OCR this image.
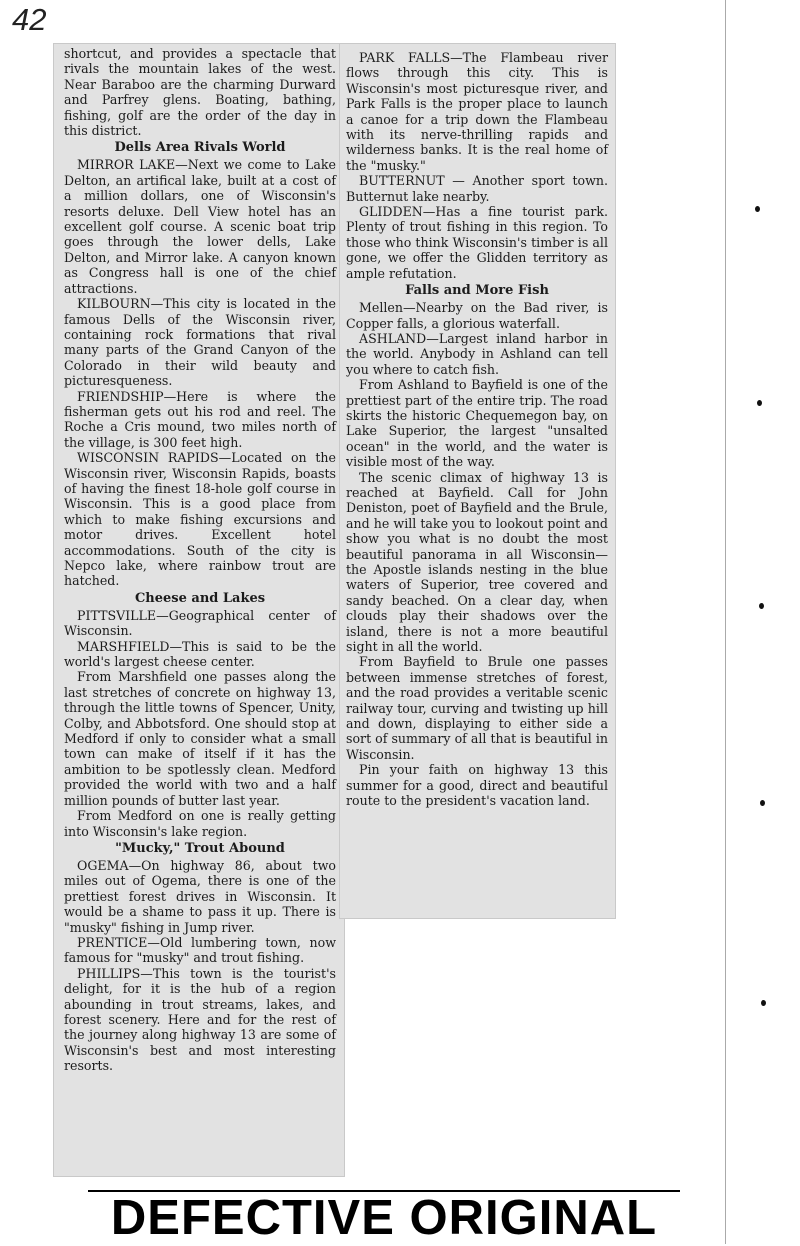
42

shortcut, and provides a spectacle that rivals the mountain lakes of the west. Near Baraboo are the charming Durward and Parfrey glens. Boating, bathing, fishing, golf are the order of the day in this district.

Dells Area Rivals World

MIRROR LAKE—Next we come to Lake Delton, an artifical lake, built at a cost of a million dollars, one of Wisconsin's resorts deluxe. Dell View hotel has an excellent golf course. A scenic boat trip goes through the lower dells, Lake Delton, and Mirror lake. A canyon known as Congress hall is one of the chief attractions.

KILBOURN—This city is located in the famous Dells of the Wisconsin river, containing rock formations that rival many parts of the Grand Canyon of the Colorado in their wild beauty and picturesqueness.

FRIENDSHIP—Here is where the fisherman gets out his rod and reel. The Roche a Cris mound, two miles north of the village, is 300 feet high.

WISCONSIN RAPIDS—Located on the Wisconsin river, Wisconsin Rapids, boasts of having the finest 18-hole golf course in Wisconsin. This is a good place from which to make fishing excursions and motor drives. Excellent hotel accommodations. South of the city is Nepco lake, where rainbow trout are hatched.

Cheese and Lakes

PITTSVILLE—Geographical center of Wisconsin.

MARSHFIELD—This is said to be the world's largest cheese center.

From Marshfield one passes along the last stretches of concrete on highway 13, through the little towns of Spencer, Unity, Colby, and Abbotsford. One should stop at Medford if only to consider what a small town can make of itself if it has the ambition to be spotlessly clean. Medford provided the world with two and a half million pounds of butter last year.

From Medford on one is really getting into Wisconsin's lake region.

"Mucky," Trout Abound

OGEMA—On highway 86, about two miles out of Ogema, there is one of the prettiest forest drives in Wisconsin. It would be a shame to pass it up. There is "musky" fishing in Jump river.

PRENTICE—Old lumbering town, now famous for "musky" and trout fishing.

PHILLIPS—This town is the tourist's delight, for it is the hub of a region abounding in trout streams, lakes, and forest scenery. Here and for the rest of the journey along highway 13 are some of Wisconsin's best and most interesting resorts.

PARK FALLS—The Flambeau river flows through this city. This is Wisconsin's most picturesque river, and Park Falls is the proper place to launch a canoe for a trip down the Flambeau with its nerve-thrilling rapids and wilderness banks. It is the real home of the "musky."

BUTTERNUT — Another sport town. Butternut lake nearby.

GLIDDEN—Has a fine tourist park. Plenty of trout fishing in this region. To those who think Wisconsin's timber is all gone, we offer the Glidden territory as ample refutation.

Falls and More Fish

Mellen—Nearby on the Bad river, is Copper falls, a glorious waterfall.

ASHLAND—Largest inland harbor in the world. Anybody in Ashland can tell you where to catch fish.

From Ashland to Bayfield is one of the prettiest part of the entire trip. The road skirts the historic Chequemegon bay, on Lake Superior, the largest "unsalted ocean" in the world, and the water is visible most of the way.

The scenic climax of highway 13 is reached at Bayfield. Call for John Deniston, poet of Bayfield and the Brule, and he will take you to lookout point and show you what is no doubt the most beautiful panorama in all Wisconsin—the Apostle islands nesting in the blue waters of Superior, tree covered and sandy beached. On a clear day, when clouds play their shadows over the island, there is not a more beautiful sight in all the world.

From Bayfield to Brule one passes between immense stretches of forest, and the road provides a veritable scenic railway tour, curving and twisting up hill and down, displaying to either side a sort of summary of all that is beautiful in Wisconsin.

Pin your faith on highway 13 this summer for a good, direct and beautiful route to the president's vacation land.

DEFECTIVE ORIGINAL
